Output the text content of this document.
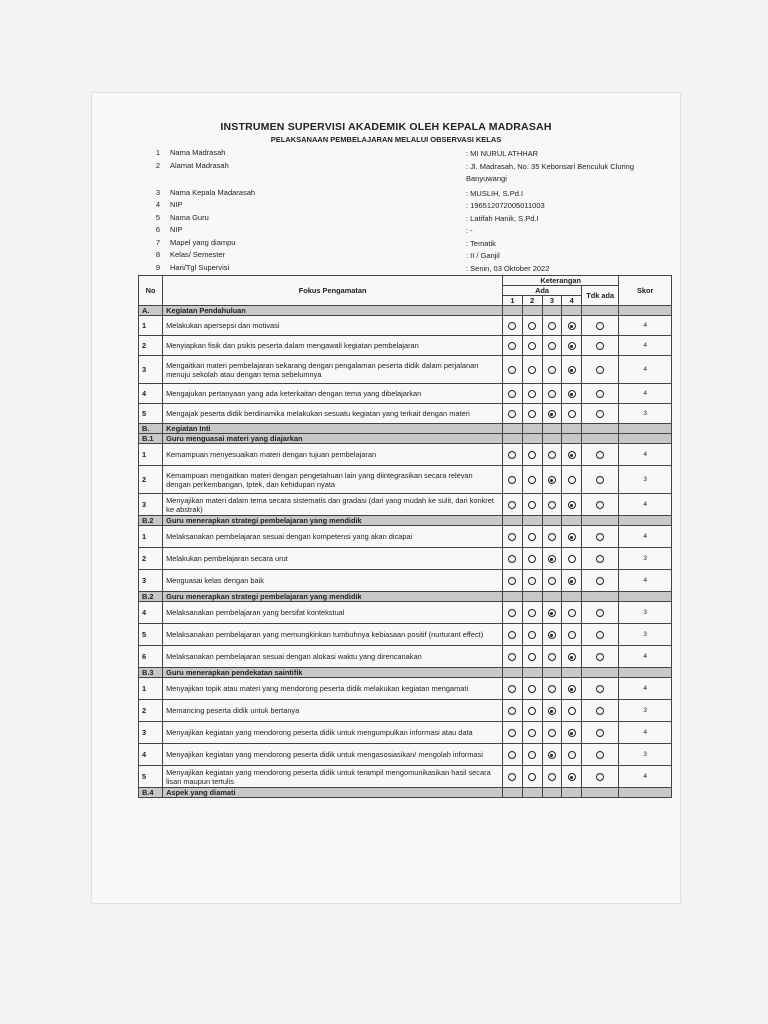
INSTRUMEN SUPERVISI AKADEMIK OLEH KEPALA MADRASAH
PELAKSANAAN PEMBELAJARAN MELALUI OBSERVASI KELAS
1 Nama Madrasah	: MI NURUL ATHHAR
2 Alamat Madrasah	: Jl. Madrasah, No. 35 Kebonsari Benculuk Cluring Banyuwangi
3 Nama Kepala Madarasah	: MUSLIH, S.Pd.I
4 NIP	: 196512072005011003
5 Nama Guru	: Latifah Hanik, S.Pd.I
6 NIP	: -
7 Mapel yang diampu	: Tematik
8 Kelas/ Semester	: II / Ganjil
9 Hari/Tgl Supervisi	: Senin, 03 Oktober 2022
No	Fokus Pengamatan	Keterangan					Skor
		Ada				Tdk ada	
		1	2	3	4		
A.	Kegiatan Pendahuluan						
1	Melakukan apersepsi dan motivasi						4
2	Menyiapkan fisik dan psikis peserta dalam mengawali kegiatan pembelajaran						4
3	Mengaitkan materi pembelajaran sekarang dengan pengalaman peserta didik dalam perjalanan menuju sekolah atau dengan tema sebelumnya						4
4	Mengajukan pertanyaan yang ada keterkaitan dengan tema yang dibelajarkan						4
5	Mengajak peserta didik berdinamika melakukan sesuatu kegiatan yang terkait dengan materi						3
B.	Kegiatan Inti						
B.1	Guru menguasai materi yang diajarkan						
1	Kemampuan menyesuaikan materi dengan tujuan pembelajaran						4
2	Kemampuan mengaitkan materi dengan pengetahuan lain yang diintegrasikan secara relevan dengan perkembangan, Iptek, dan kehidupan nyata						3
3	Menyajikan materi dalam tema secara sistematis dan gradasi (dari yang mudah ke sulit, dari konkret ke abstrak)						4
B.2	Guru menerapkan strategi pembelajaran yang mendidik						
1	Melaksanakan pembelajaran sesuai dengan kompetensi yang akan dicapai						4
2	Melakukan pembelajaran secara urut						3
3	Menguasai kelas dengan baik						4
B.2	Guru menerapkan strategi pembelajaran yang mendidik						
4	Melaksanakan pembelajaran yang bersifat kontekstual						3
5	Melaksanakan pembelajaran yang memungkinkan tumbuhnya kebiasaan positif (nurturant effect)						3
6	Melaksanakan pembelajaran sesuai dengan alokasi waktu yang direncanakan						4
B.3	Guru menerapkan pendekatan saintifik						
1	Menyajikan topik atau materi yang mendorong peserta didik melakukan kegiatan mengamati						4
2	Memancing peserta didik untuk bertanya						3
3	Menyajikan kegiatan yang mendorong peserta didik untuk mengumpulkan informasi atau data						4
4	Menyajikan kegiatan yang mendorong peserta didik untuk mengasosiasikan/ mengolah informasi						3
5	Menyajikan kegiatan yang mendorong peserta didik untuk terampil mengomunikasikan hasil secara lisan maupun tertulis						4
B.4	Aspek yang diamati						
